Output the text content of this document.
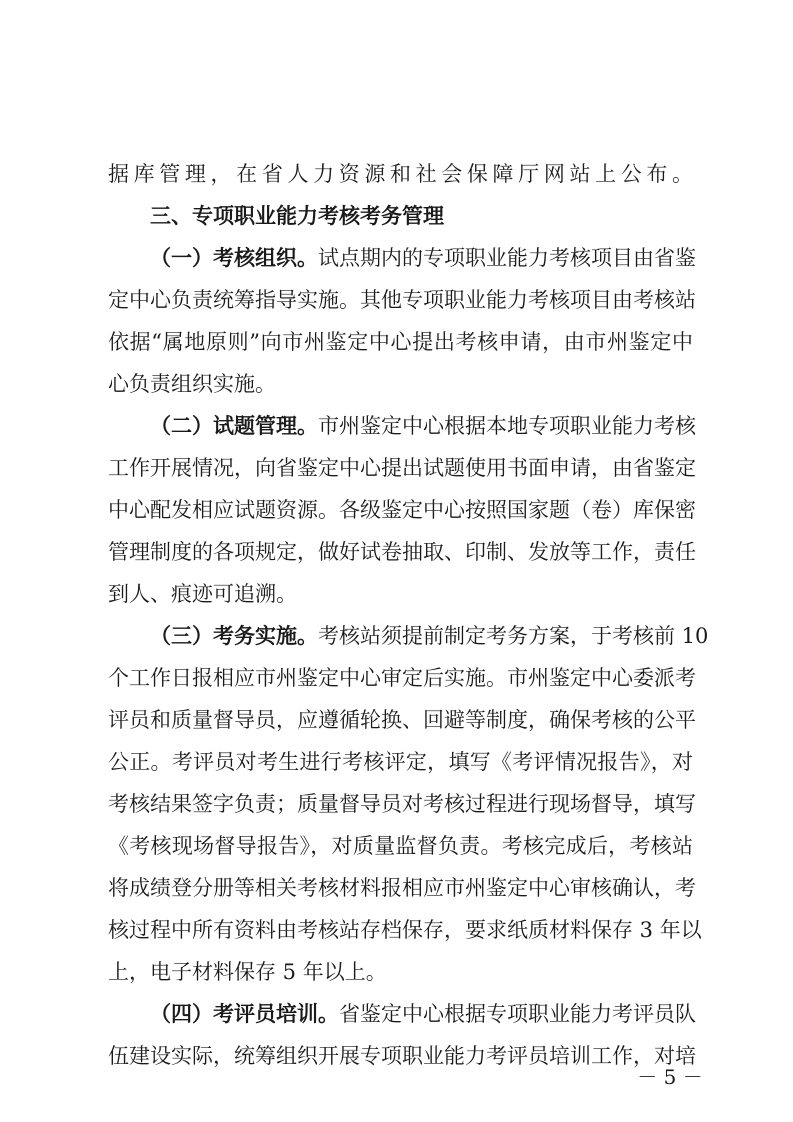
据库管理，在省人力资源和社会保障厅网站上公布。
三、专项职业能力考核考务管理
（一）考核组织。试点期内的专项职业能力考核项目由省鉴
定中心负责统筹指导实施。其他专项职业能力考核项目由考核站
依据“属地原则”向市州鉴定中心提出考核申请，由市州鉴定中
心负责组织实施。
（二）试题管理。市州鉴定中心根据本地专项职业能力考核
工作开展情况，向省鉴定中心提出试题使用书面申请，由省鉴定
中心配发相应试题资源。各级鉴定中心按照国家题（卷）库保密
管理制度的各项规定，做好试卷抽取、印制、发放等工作，责任
到人、痕迹可追溯。
（三）考务实施。考核站须提前制定考务方案，于考核前 10
个工作日报相应市州鉴定中心审定后实施。市州鉴定中心委派考
评员和质量督导员，应遵循轮换、回避等制度，确保考核的公平
公正。考评员对考生进行考核评定，填写《考评情况报告》，对
考核结果签字负责；质量督导员对考核过程进行现场督导，填写
《考核现场督导报告》，对质量监督负责。考核完成后，考核站
将成绩登分册等相关考核材料报相应市州鉴定中心审核确认，考
核过程中所有资料由考核站存档保存，要求纸质材料保存 3 年以
上，电子材料保存 5 年以上。
（四）考评员培训。省鉴定中心根据专项职业能力考评员队
伍建设实际，统筹组织开展专项职业能力考评员培训工作，对培
－ 5 －
